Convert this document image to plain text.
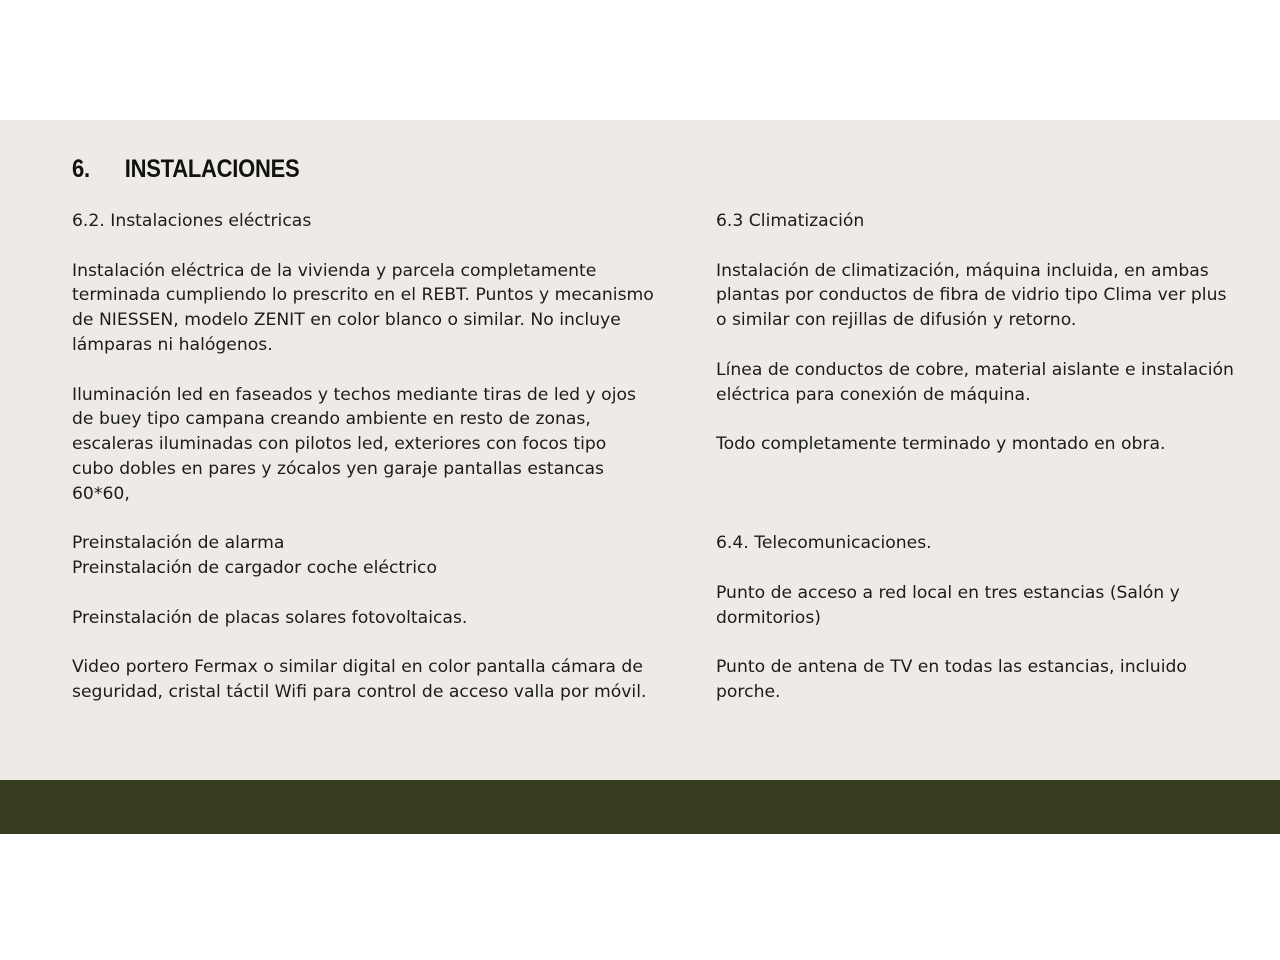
6. INSTALACIONES

6.2. Instalaciones eléctricas

Instalación eléctrica de la vivienda y parcela completamente
terminada cumpliendo lo prescrito en el REBT. Puntos y mecanismo
de NIESSEN, modelo ZENIT en color blanco o similar. No incluye
lámparas ni halógenos.

Iluminación led en faseados y techos mediante tiras de led y ojos
de buey tipo campana creando ambiente en resto de zonas,
escaleras iluminadas con pilotos led, exteriores con focos tipo
cubo dobles en pares y zócalos yen garaje pantallas estancas
60*60,

Preinstalación de alarma
Preinstalación de cargador coche eléctrico

Preinstalación de placas solares fotovoltaicas.

Video portero Fermax o similar digital en color pantalla cámara de
seguridad, cristal táctil Wifi para control de acceso valla por móvil.

6.3 Climatización

Instalación de climatización, máquina incluida, en ambas
plantas por conductos de fibra de vidrio tipo Clima ver plus
o similar con rejillas de difusión y retorno.

Línea de conductos de cobre, material aislante e instalación
eléctrica para conexión de máquina.

Todo completamente terminado y montado en obra.

6.4. Telecomunicaciones.

Punto de acceso a red local en tres estancias (Salón y
dormitorios)

Punto de antena de TV en todas las estancias, incluido
porche.
